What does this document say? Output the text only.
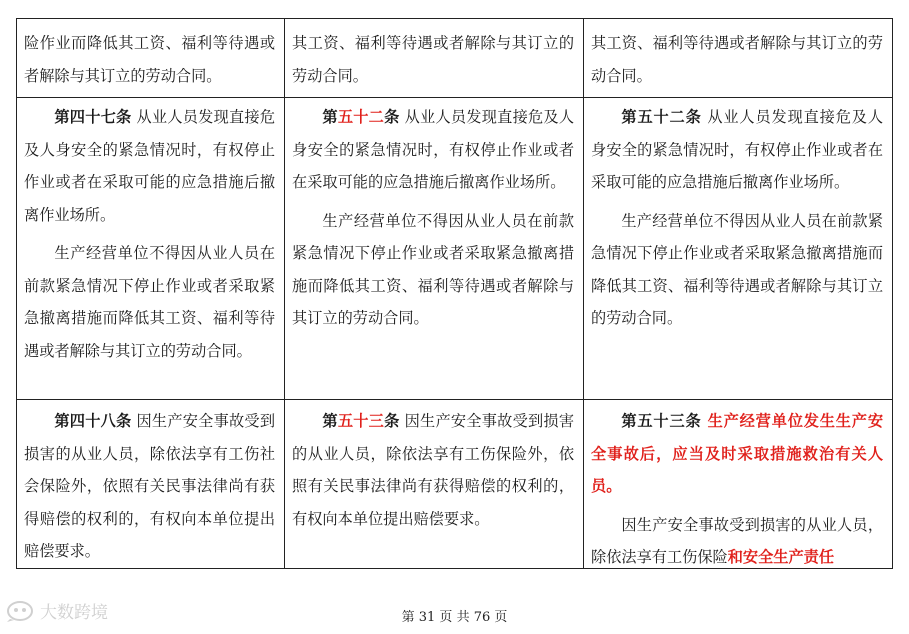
险作业而降低其工资、福利等待遇或者解除与其订立的劳动合同。

其工资、福利等待遇或者解除与其订立的劳动合同。

其工资、福利等待遇或者解除与其订立的劳动合同。

第四十七条 从业人员发现直接危及人身安全的紧急情况时，有权停止作业或者在采取可能的应急措施后撤离作业场所。

生产经营单位不得因从业人员在前款紧急情况下停止作业或者采取紧急撤离措施而降低其工资、福利等待遇或者解除与其订立的劳动合同。

第五十二条 从业人员发现直接危及人身安全的紧急情况时，有权停止作业或者在采取可能的应急措施后撤离作业场所。

生产经营单位不得因从业人员在前款紧急情况下停止作业或者采取紧急撤离措施而降低其工资、福利等待遇或者解除与其订立的劳动合同。

第五十二条 从业人员发现直接危及人身安全的紧急情况时，有权停止作业或者在采取可能的应急措施后撤离作业场所。

生产经营单位不得因从业人员在前款紧急情况下停止作业或者采取紧急撤离措施而降低其工资、福利等待遇或者解除与其订立的劳动合同。

第四十八条 因生产安全事故受到损害的从业人员，除依法享有工伤社会保险外，依照有关民事法律尚有获得赔偿的权利的，有权向本单位提出赔偿要求。

第五十三条 因生产安全事故受到损害的从业人员，除依法享有工伤保险外，依照有关民事法律尚有获得赔偿的权利的，有权向本单位提出赔偿要求。

第五十三条 生产经营单位发生生产安全事故后，应当及时采取措施救治有关人员。

因生产安全事故受到损害的从业人员，除依法享有工伤保险和安全生产责任

大数跨境	第 31 页 共 76 页
